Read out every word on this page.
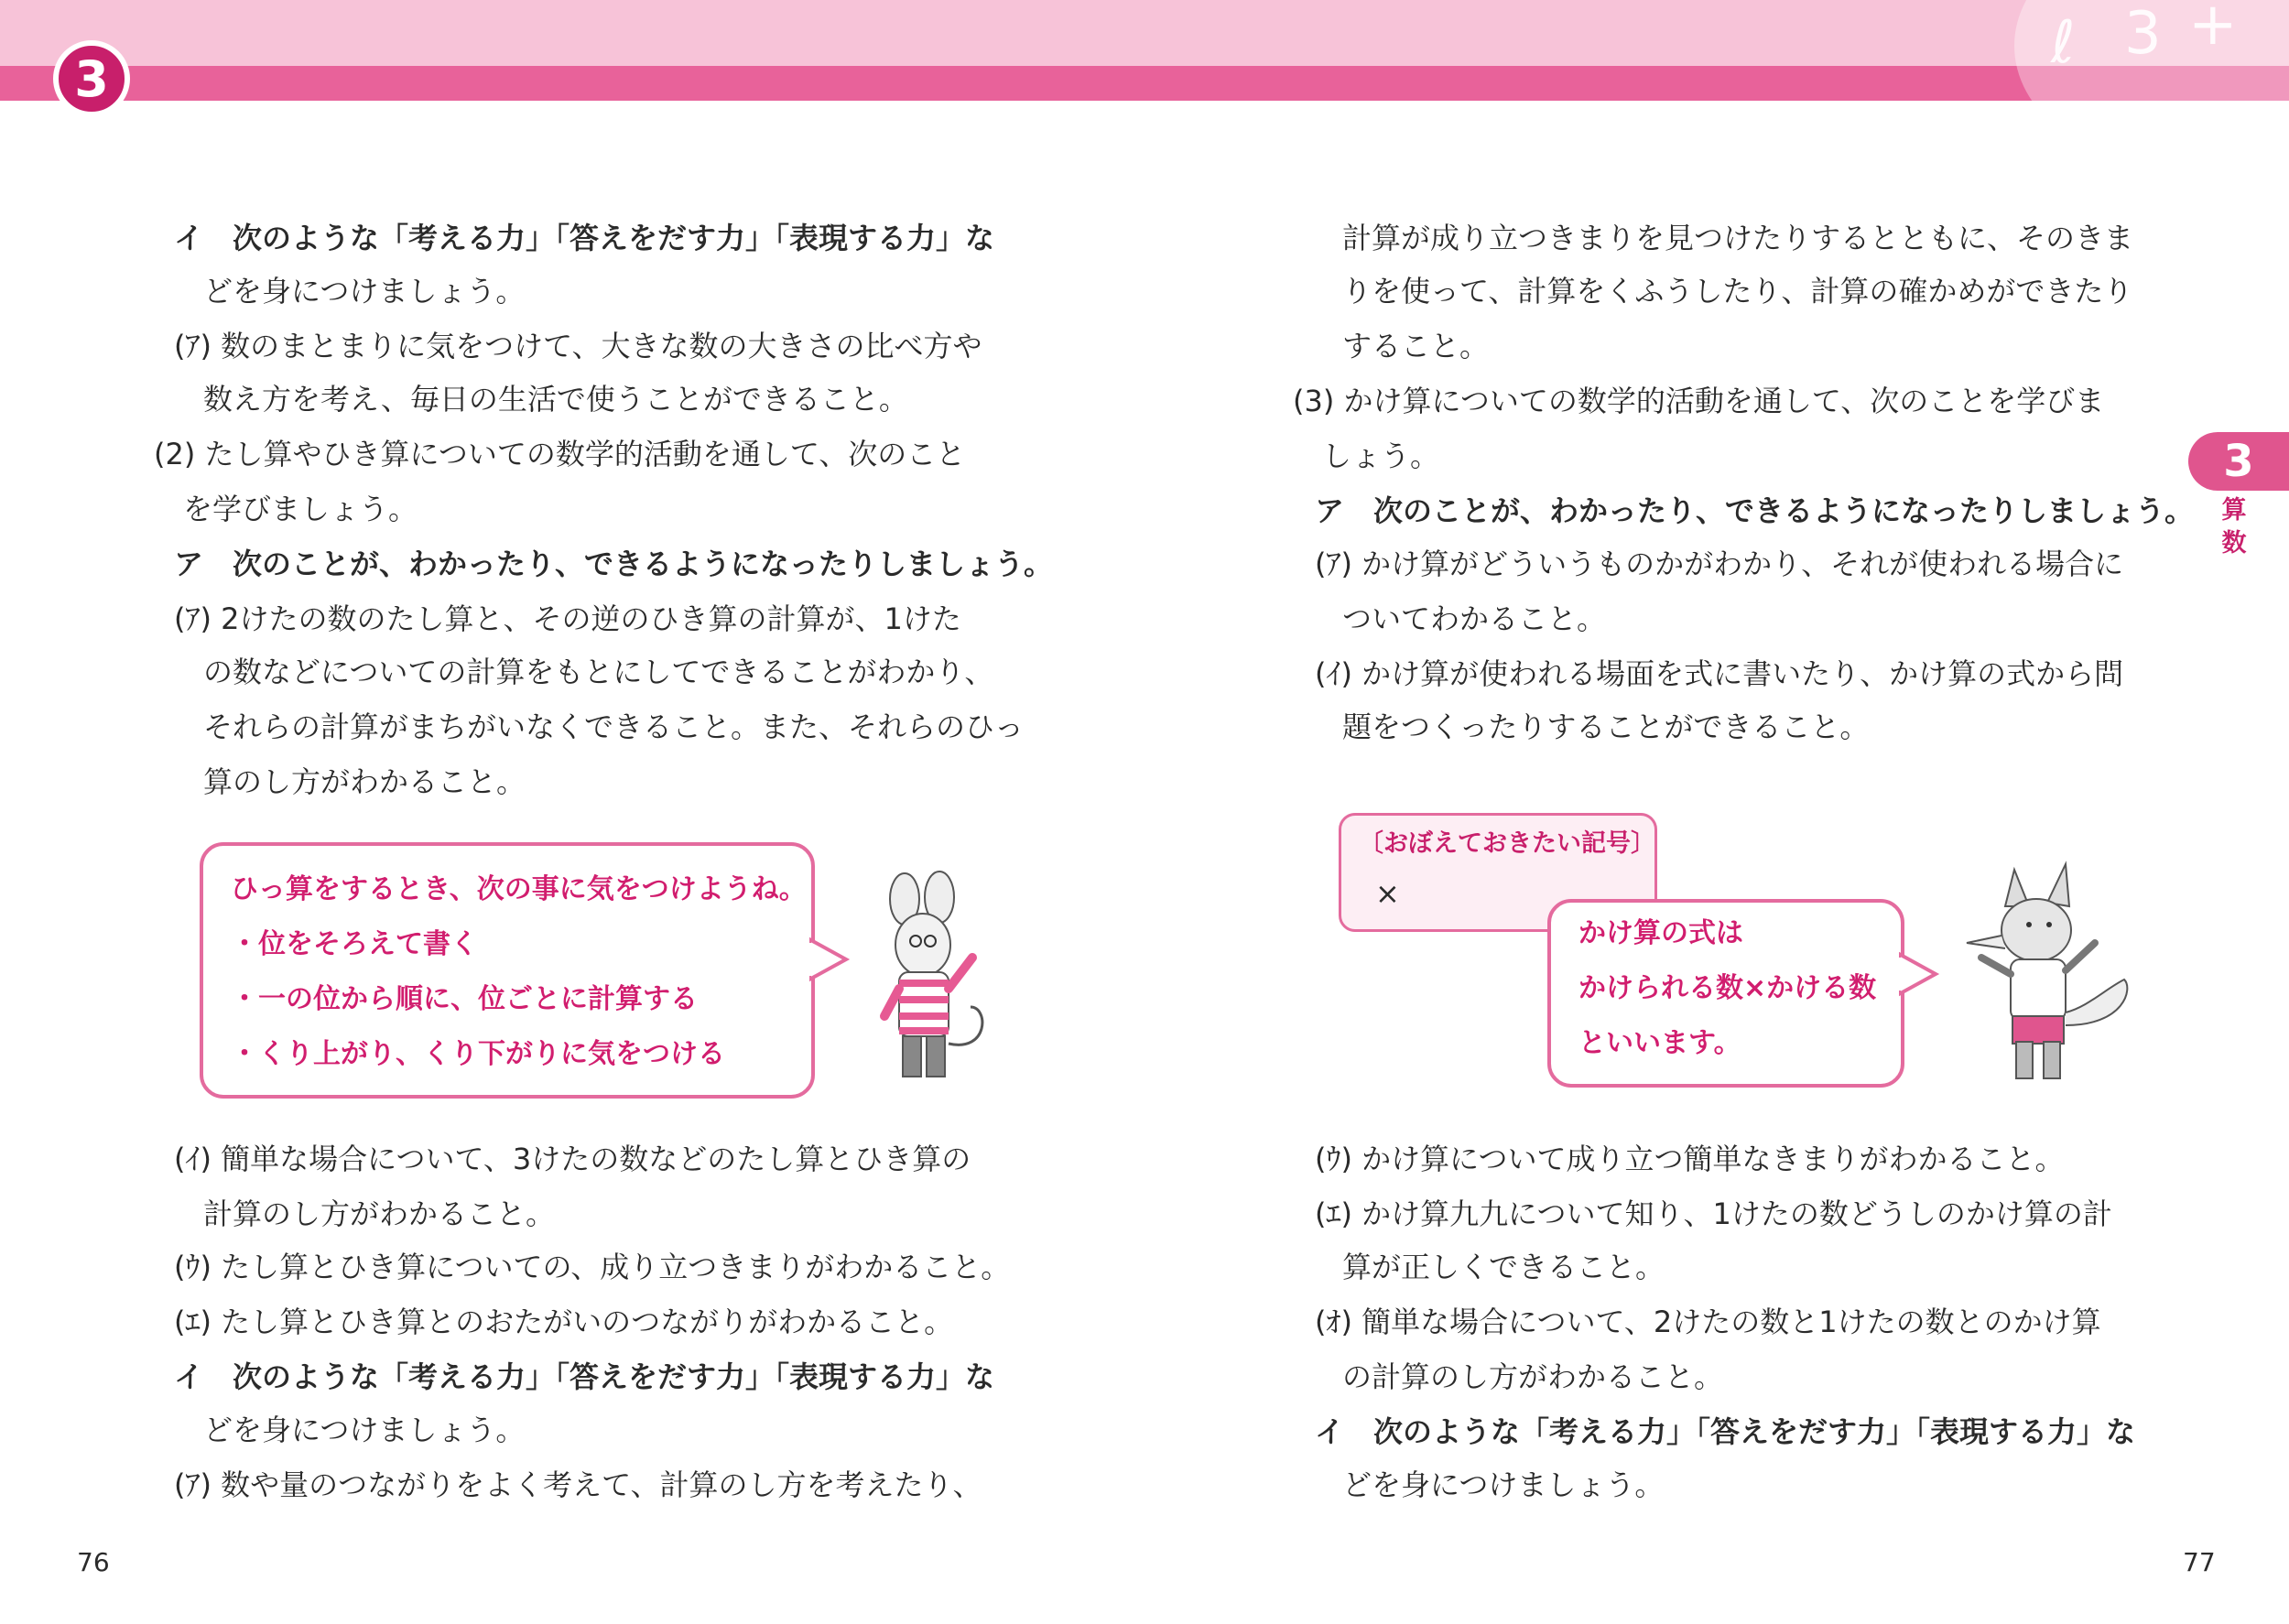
ℓ 3 +
3
3
算数
イ　次のような「考える力」「答えをだす力」「表現する力」な
どを身につけましょう。
(ｱ) 数のまとまりに気をつけて、大きな数の大きさの比べ方や
数え方を考え、毎日の生活で使うことができること。
(2) たし算やひき算についての数学的活動を通して、次のこと
を学びましょう。
ア　次のことが、わかったり、できるようになったりしましょう。
(ｱ) 2けたの数のたし算と、その逆のひき算の計算が、1けた
の数などについての計算をもとにしてできることがわかり、
それらの計算がまちがいなくできること。また、それらのひっ
算のし方がわかること。
ひっ算をするとき、次の事に気をつけようね。
・位をそろえて書く
・一の位から順に、位ごとに計算する
・くり上がり、くり下がりに気をつける
(ｲ) 簡単な場合について、3けたの数などのたし算とひき算の
計算のし方がわかること。
(ｳ) たし算とひき算についての、成り立つきまりがわかること。
(ｴ) たし算とひき算とのおたがいのつながりがわかること。
イ　次のような「考える力」「答えをだす力」「表現する力」な
どを身につけましょう。
(ｱ) 数や量のつながりをよく考えて、計算のし方を考えたり、
76
計算が成り立つきまりを見つけたりするとともに、そのきま
りを使って、計算をくふうしたり、計算の確かめができたり
すること。
(3) かけ算についての数学的活動を通して、次のことを学びま
しょう。
ア　次のことが、わかったり、できるようになったりしましょう。
(ｱ) かけ算がどういうものかがわかり、それが使われる場合に
ついてわかること。
(ｲ) かけ算が使われる場面を式に書いたり、かけ算の式から問
題をつくったりすることができること。
〔おぼえておきたい記号〕
×
かけ算の式は
かけられる数×かける数
といいます。
(ｳ) かけ算について成り立つ簡単なきまりがわかること。
(ｴ) かけ算九九について知り、1けたの数どうしのかけ算の計
算が正しくできること。
(ｵ) 簡単な場合について、2けたの数と1けたの数とのかけ算
の計算のし方がわかること。
イ　次のような「考える力」「答えをだす力」「表現する力」な
どを身につけましょう。
77
